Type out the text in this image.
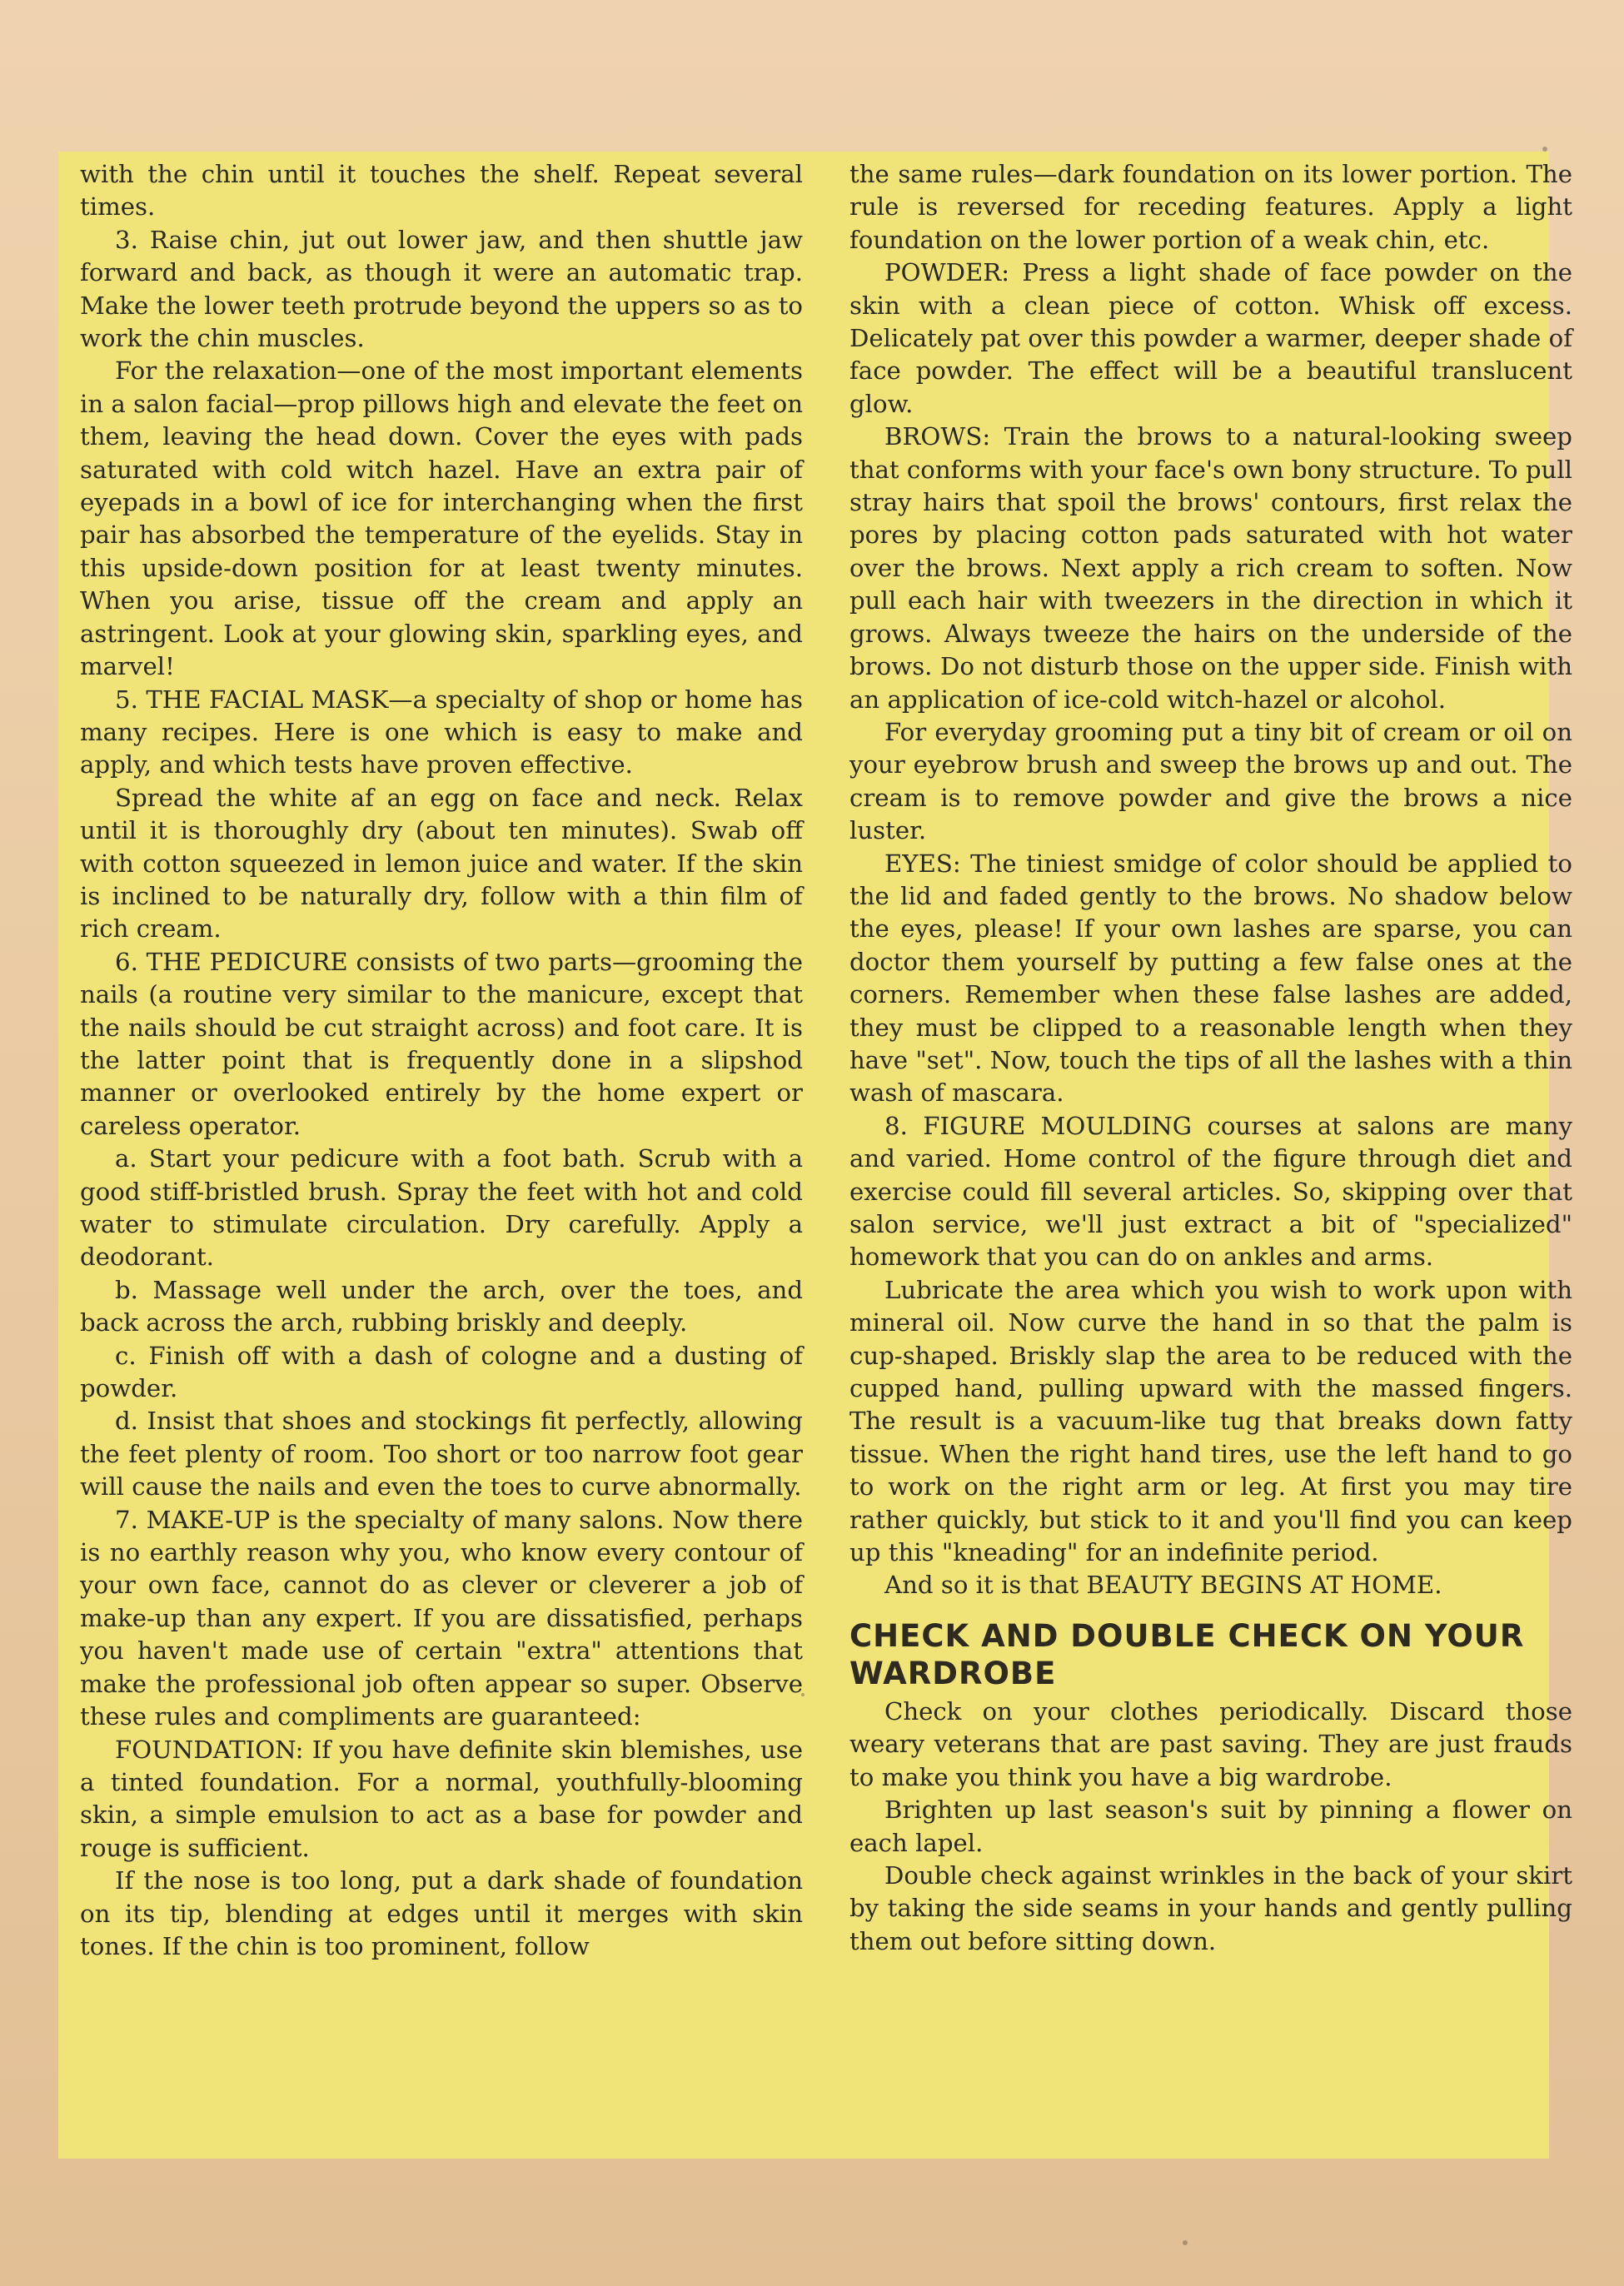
with the chin until it touches the shelf. Repeat several times.

3. Raise chin, jut out lower jaw, and then shuttle jaw forward and back, as though it were an automatic trap. Make the lower teeth protrude beyond the uppers so as to work the chin muscles.

For the relaxation—one of the most important elements in a salon facial—prop pillows high and elevate the feet on them, leaving the head down. Cover the eyes with pads saturated with cold witch hazel. Have an extra pair of eyepads in a bowl of ice for interchanging when the first pair has absorbed the temperature of the eyelids. Stay in this upside-down position for at least twenty minutes. When you arise, tissue off the cream and apply an astringent. Look at your glowing skin, sparkling eyes, and marvel!

5. THE FACIAL MASK—a specialty of shop or home has many recipes. Here is one which is easy to make and apply, and which tests have proven effective.

Spread the white af an egg on face and neck. Relax until it is thoroughly dry (about ten minutes). Swab off with cotton squeezed in lemon juice and water. If the skin is inclined to be naturally dry, follow with a thin film of rich cream.

6. THE PEDICURE consists of two parts—grooming the nails (a routine very similar to the manicure, except that the nails should be cut straight across) and foot care. It is the latter point that is frequently done in a slipshod manner or overlooked entirely by the home expert or careless operator.

a. Start your pedicure with a foot bath. Scrub with a good stiff-bristled brush. Spray the feet with hot and cold water to stimulate circulation. Dry carefully. Apply a deodorant.

b. Massage well under the arch, over the toes, and back across the arch, rubbing briskly and deeply.

c. Finish off with a dash of cologne and a dusting of powder.

d. Insist that shoes and stockings fit perfectly, allowing the feet plenty of room. Too short or too narrow foot gear will cause the nails and even the toes to curve abnormally.

7. MAKE-UP is the specialty of many salons. Now there is no earthly reason why you, who know every contour of your own face, cannot do as clever or cleverer a job of make-up than any expert. If you are dissatisfied, perhaps you haven't made use of certain "extra" attentions that make the professional job often appear so super. Observe these rules and compliments are guaranteed:

FOUNDATION: If you have definite skin blemishes, use a tinted foundation. For a normal, youthfully-blooming skin, a simple emulsion to act as a base for powder and rouge is sufficient.

If the nose is too long, put a dark shade of foundation on its tip, blending at edges until it merges with skin tones. If the chin is too prominent, follow

the same rules—dark foundation on its lower portion. The rule is reversed for receding features. Apply a light foundation on the lower portion of a weak chin, etc.

POWDER: Press a light shade of face powder on the skin with a clean piece of cotton. Whisk off excess. Delicately pat over this powder a warmer, deeper shade of face powder. The effect will be a beautiful translucent glow.

BROWS: Train the brows to a natural-looking sweep that conforms with your face's own bony structure. To pull stray hairs that spoil the brows' contours, first relax the pores by placing cotton pads saturated with hot water over the brows. Next apply a rich cream to soften. Now pull each hair with tweezers in the direction in which it grows. Always tweeze the hairs on the underside of the brows. Do not disturb those on the upper side. Finish with an application of ice-cold witch-hazel or alcohol.

For everyday grooming put a tiny bit of cream or oil on your eyebrow brush and sweep the brows up and out. The cream is to remove powder and give the brows a nice luster.

EYES: The tiniest smidge of color should be applied to the lid and faded gently to the brows. No shadow below the eyes, please! If your own lashes are sparse, you can doctor them yourself by putting a few false ones at the corners. Remember when these false lashes are added, they must be clipped to a reasonable length when they have "set". Now, touch the tips of all the lashes with a thin wash of mascara.

8. FIGURE MOULDING courses at salons are many and varied. Home control of the figure through diet and exercise could fill several articles. So, skipping over that salon service, we'll just extract a bit of "specialized" homework that you can do on ankles and arms.

Lubricate the area which you wish to work upon with mineral oil. Now curve the hand in so that the palm is cup-shaped. Briskly slap the area to be reduced with the cupped hand, pulling upward with the massed fingers. The result is a vacuum-like tug that breaks down fatty tissue. When the right hand tires, use the left hand to go to work on the right arm or leg. At first you may tire rather quickly, but stick to it and you'll find you can keep up this "kneading" for an indefinite period.

And so it is that BEAUTY BEGINS AT HOME.

CHECK AND DOUBLE CHECK ON YOUR WARDROBE

Check on your clothes periodically. Discard those weary veterans that are past saving. They are just frauds to make you think you have a big wardrobe.

Brighten up last season's suit by pinning a flower on each lapel.

Double check against wrinkles in the back of your skirt by taking the side seams in your hands and gently pulling them out before sitting down.
